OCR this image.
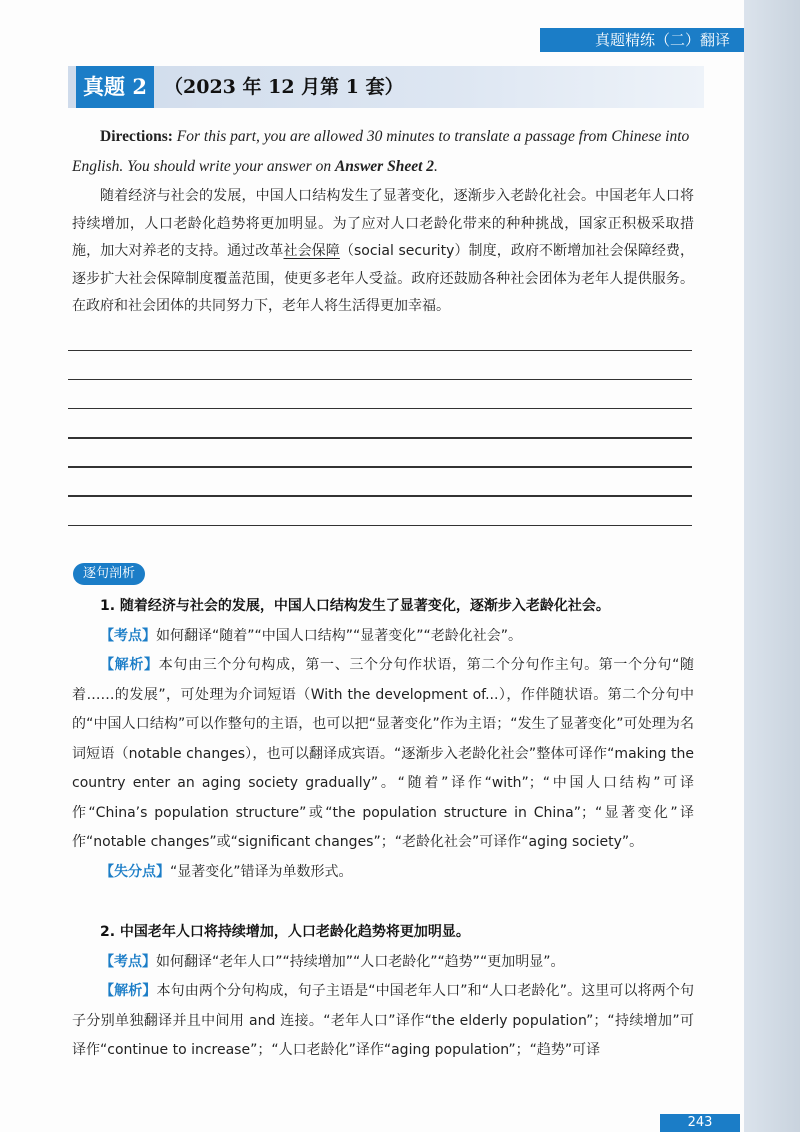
真题精练（二）翻译
真题 2 （2023 年 12 月第 1 套）
Directions: For this part, you are allowed 30 minutes to translate a passage from Chinese into English. You should write your answer on Answer Sheet 2.
随着经济与社会的发展，中国人口结构发生了显著变化，逐渐步入老龄化社会。中国老年人口将持续增加，人口老龄化趋势将更加明显。为了应对人口老龄化带来的种种挑战，国家正积极采取措施，加大对养老的支持。通过改革社会保障（social security）制度，政府不断增加社会保障经费，逐步扩大社会保障制度覆盖范围，使更多老年人受益。政府还鼓励各种社会团体为老年人提供服务。在政府和社会团体的共同努力下，老年人将生活得更加幸福。
逐句剖析
1. 随着经济与社会的发展，中国人口结构发生了显著变化，逐渐步入老龄化社会。
【考点】如何翻译“随着”“中国人口结构”“显著变化”“老龄化社会”。
【解析】本句由三个分句构成，第一、三个分句作状语，第二个分句作主句。第一个分句“随着……的发展”，可处理为介词短语（With the development of...），作伴随状语。第二个分句中的“中国人口结构”可以作整句的主语，也可以把“显著变化”作为主语；“发生了显著变化”可处理为名词短语（notable changes），也可以翻译成宾语。“逐渐步入老龄化社会”整体可译作“making the country enter an aging society gradually”。“随着”译作“with”；“中国人口结构”可译作“China’s population structure”或“the population structure in China”；“显著变化”译作“notable changes”或“significant changes”；“老龄化社会”可译作“aging society”。
【失分点】“显著变化”错译为单数形式。
2. 中国老年人口将持续增加，人口老龄化趋势将更加明显。
【考点】如何翻译“老年人口”“持续增加”“人口老龄化”“趋势”“更加明显”。
【解析】本句由两个分句构成，句子主语是“中国老年人口”和“人口老龄化”。这里可以将两个句子分别单独翻译并且中间用 and 连接。“老年人口”译作“the elderly population”；“持续增加”可译作“continue to increase”；“人口老龄化”译作“aging population”；“趋势”可译
243
